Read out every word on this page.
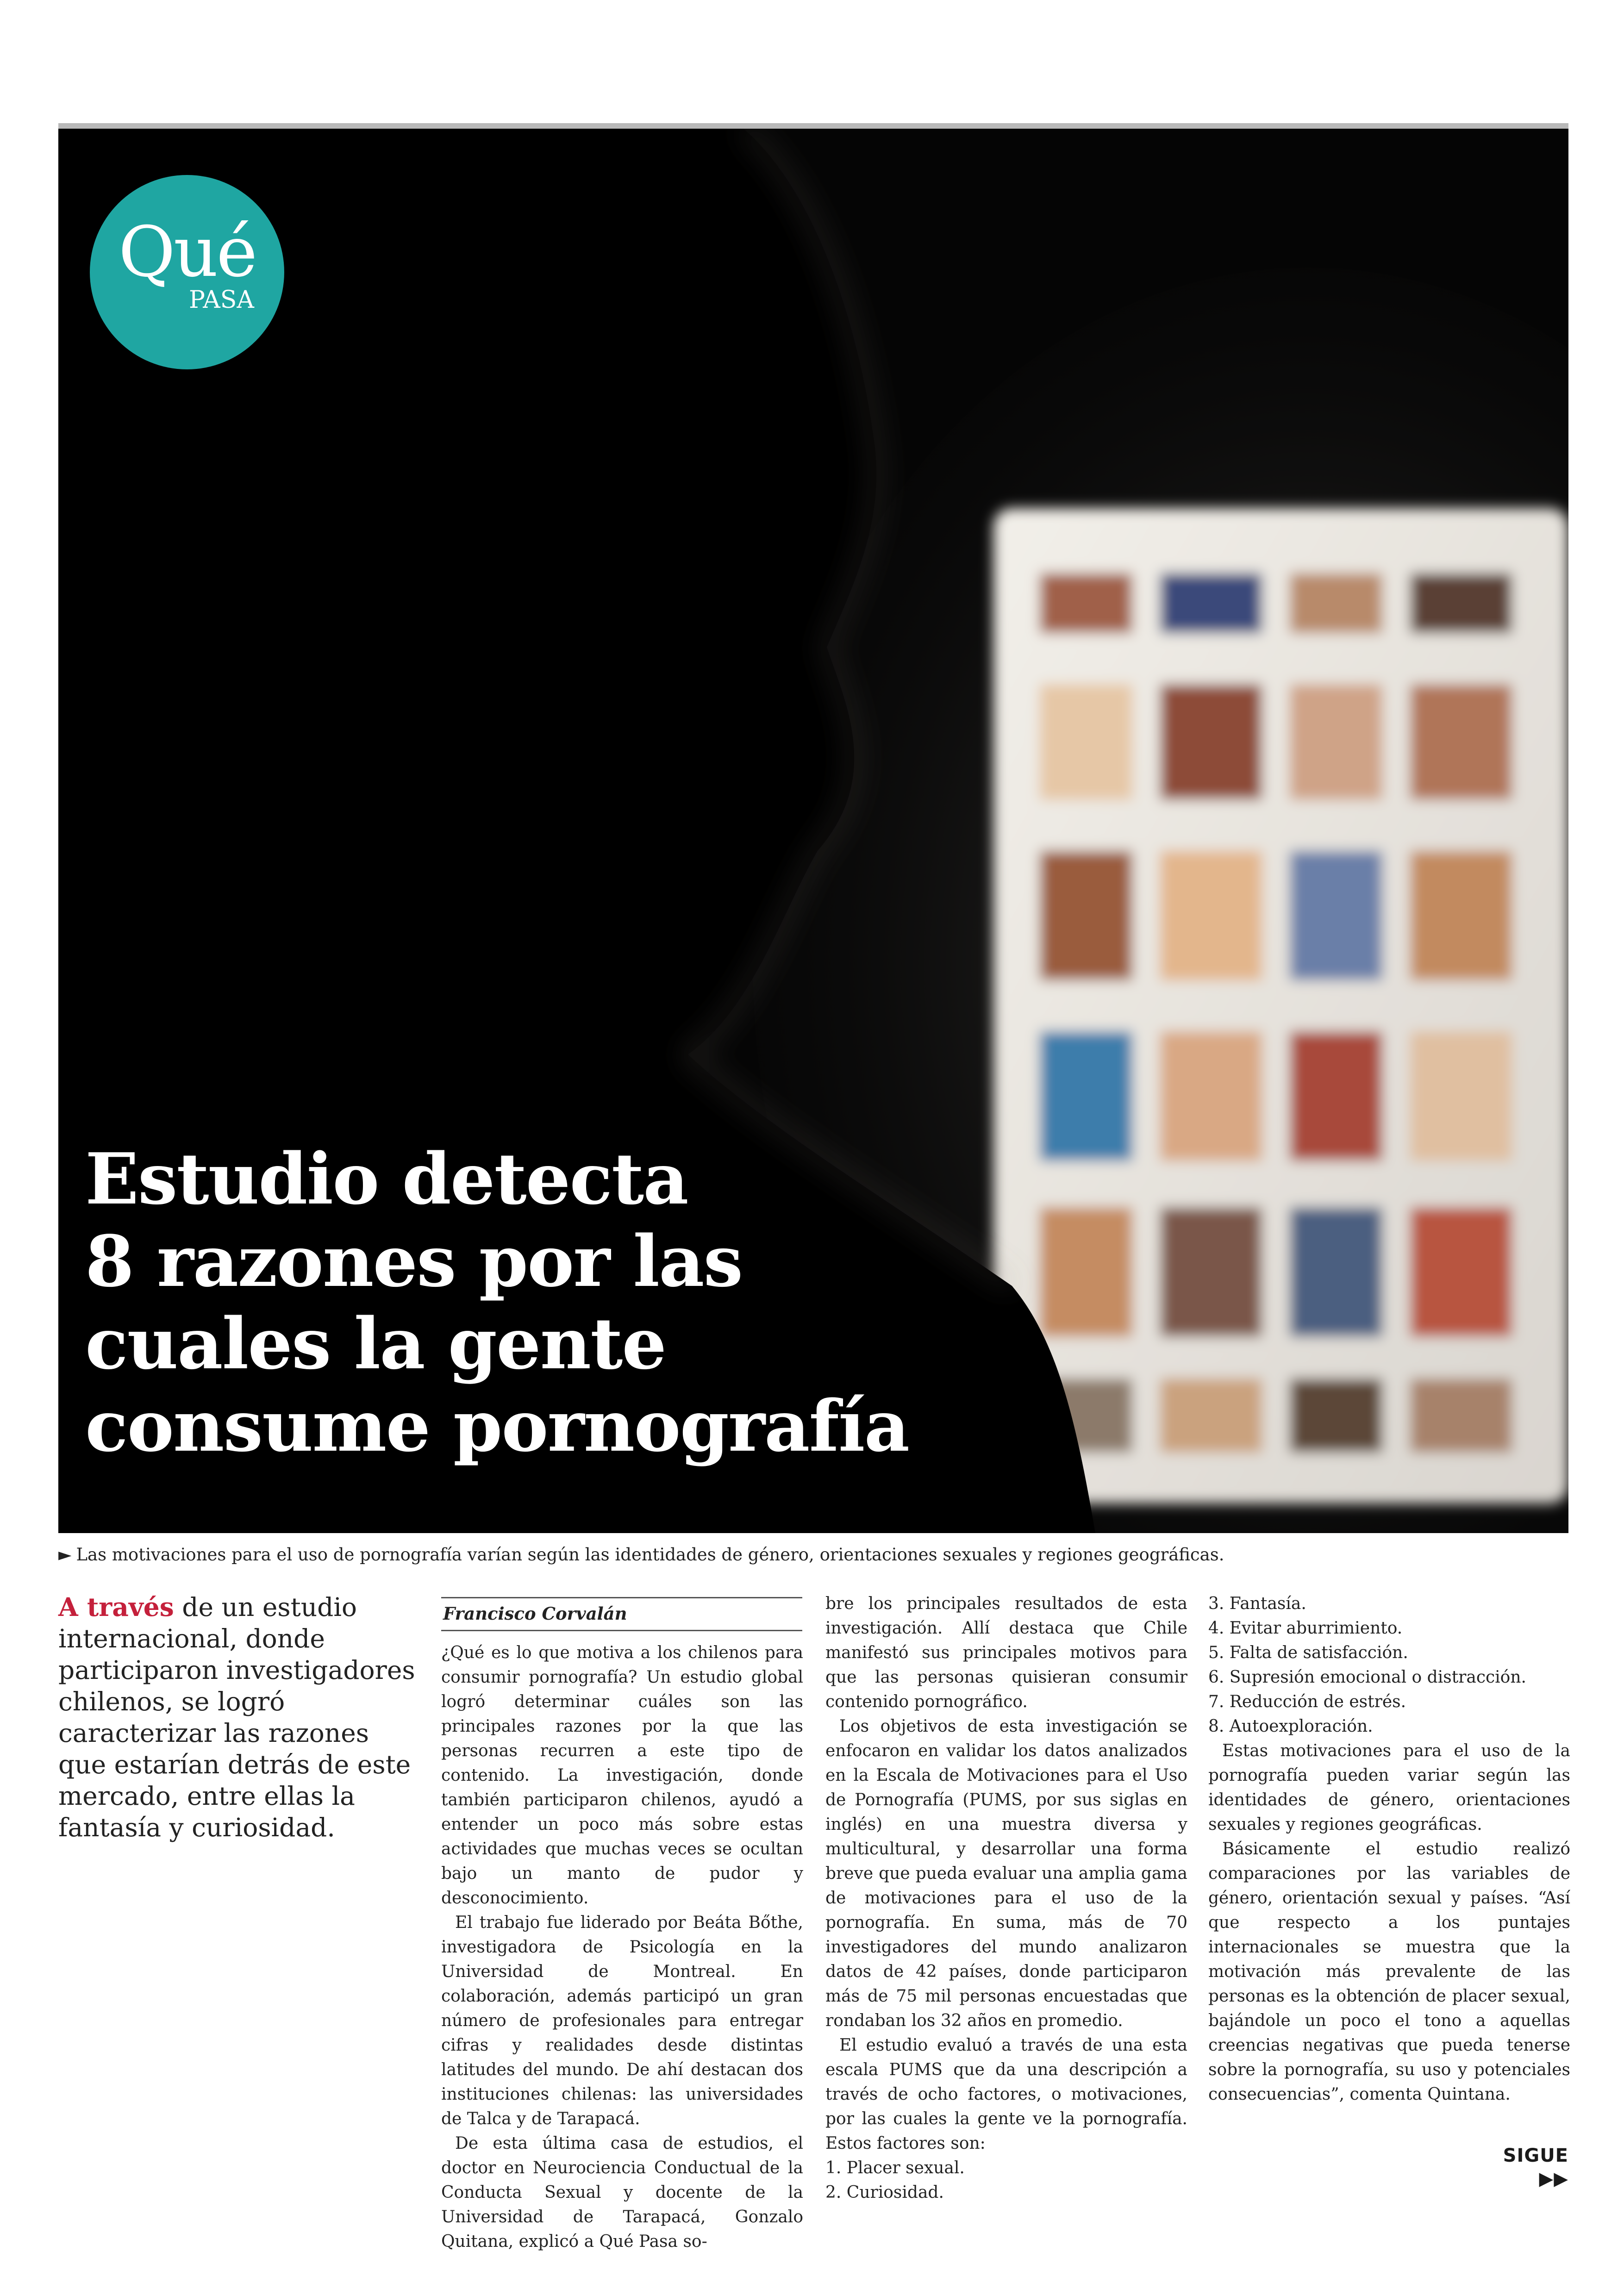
Qué
PASA
Estudio detecta
8 razones por las
cuales la gente
consume pornografía
► Las motivaciones para el uso de pornografía varían según las identidades de género, orientaciones sexuales y regiones geográficas.
A través de un estudio internacional, donde participaron investigadores chilenos, se logró caracterizar las razones que estarían detrás de este mercado, entre ellas la fantasía y curiosidad.
Francisco Corvalán

¿Qué es lo que motiva a los chilenos para consumir pornografía? Un estudio global logró determinar cuáles son las principales razones por la que las personas recurren a este tipo de contenido. La investigación, donde también participaron chilenos, ayudó a entender un poco más sobre estas actividades que muchas veces se ocultan bajo un manto de pudor y desconocimiento.

El trabajo fue liderado por Beáta Bőthe, investigadora de Psicología en la Universidad de Montreal. En colaboración, además participó un gran número de profesionales para entregar cifras y realidades desde distintas latitudes del mundo. De ahí destacan dos instituciones chilenas: las universidades de Talca y de Tarapacá.

De esta última casa de estudios, el doctor en Neurociencia Conductual de la Conducta Sexual y docente de la Universidad de Tarapacá, Gonzalo Quitana, explicó a Qué Pasa so-

bre los principales resultados de esta investigación. Allí destaca que Chile manifestó sus principales motivos para que las personas quisieran consumir contenido pornográfico.

Los objetivos de esta investigación se enfocaron en validar los datos analizados en la Escala de Motivaciones para el Uso de Pornografía (PUMS, por sus siglas en inglés) en una muestra diversa y multicultural, y desarrollar una forma breve que pueda evaluar una amplia gama de motivaciones para el uso de la pornografía. En suma, más de 70 investigadores del mundo analizaron datos de 42 países, donde participaron más de 75 mil personas encuestadas que rondaban los 32 años en promedio.

El estudio evaluó a través de una esta escala PUMS que da una descripción a través de ocho factores, o motivaciones, por las cuales la gente ve la pornografía. Estos factores son:

1. Placer sexual.

2. Curiosidad.

3. Fantasía.

4. Evitar aburrimiento.

5. Falta de satisfacción.

6. Supresión emocional o distracción.

7. Reducción de estrés.

8. Autoexploración.

Estas motivaciones para el uso de la pornografía pueden variar según las identidades de género, orientaciones sexuales y regiones geográficas.

Básicamente el estudio realizó comparaciones por las variables de género, orientación sexual y países. “Así que respecto a los puntajes internacionales se muestra que la motivación más prevalente de las personas es la obtención de placer sexual, bajándole un poco el tono a aquellas creencias negativas que pueda tenerse sobre la pornografía, su uso y potenciales consecuencias”, comenta Quintana.

SIGUE ▶▶
